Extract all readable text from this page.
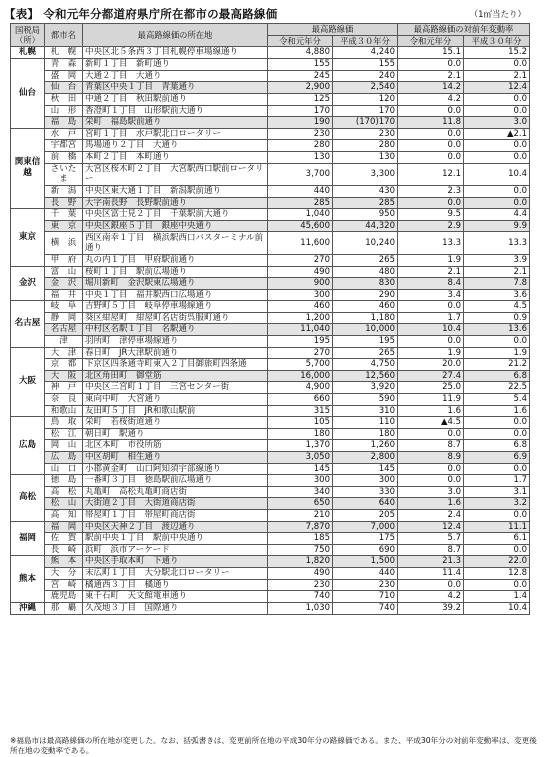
【表】 令和元年分都道府県庁所在都市の最高路線価	（1㎡当たり）
国税局（所）	都市名	最高路線価の所在地	最高路線価		最高路線価の対前年変動率	
			令和元年分	平成３０年分	令和元年分	平成３０年分
札幌	札　幌	中央区北５条西３丁目札幌停車場線通り	4,880	4,240	15.1	15.2
仙台	青　森	新町１丁目　新町通り	155	155	0.0	0.0
	盛　岡	大通２丁目　大通り	245	240	2.1	2.1
	仙　台	青葉区中央１丁目　青葉通り	2,900	2,540	14.2	12.4
	秋　田	中通２丁目　秋田駅前通り	125	120	4.2	0.0
	山　形	香澄町１丁目　山形駅前大通り	170	170	0.0	0.0
	福　島	栄町　福島駅前通り	190	(170)170	11.8	3.0
関東信越	水　戸	宮町１丁目　水戸駅北口ロータリー	230	230	0.0	▲2.1
	宇都宮	馬場通り２丁目　大通り	280	280	0.0	0.0
	前　橋	本町２丁目　本町通り	130	130	0.0	0.0
	さいたま	大宮区桜木町２丁目　大宮駅西口駅前ロータリー	3,700	3,300	12.1	10.4
	新　潟	中央区東大通１丁目　新潟駅前通り	440	430	2.3	0.0
	長　野	大字南長野　長野駅前通り	285	285	0.0	0.0
東京	千　葉	中央区富士見２丁目　千葉駅前大通り	1,040	950	9.5	4.4
	東　京	中央区銀座５丁目　銀座中央通り	45,600	44,320	2.9	9.9
	横　浜	西区南幸１丁目　横浜駅西口バスターミナル前通り	11,600	10,240	13.3	13.3
	甲　府	丸の内１丁目　甲府駅前通り	270	265	1.9	3.9
金沢	富　山	桜町１丁目　駅前広場通り	490	480	2.1	2.1
	金　沢	堀川新町　金沢駅東広場通り	900	830	8.4	7.8
	福　井	中央１丁目　福井駅西口広場通り	300	290	3.4	3.6
名古屋	岐　阜	吉野町５丁目　岐阜停車場線通り	460	460	0.0	4.5
	静　岡	葵区紺屋町　紺屋町名店街呉服町通り	1,200	1,180	1.7	0.9
	名古屋	中村区名駅１丁目　名駅通り	11,040	10,000	10.4	13.6
	津	羽所町　津停車場線通り	195	195	0.0	0.0
大阪	大　津	春日町　JR大津駅前通り	270	265	1.9	1.9
	京　都	下京区四条通寺町東入２丁目御旅町四条通	5,700	4,750	20.0	21.2
	大　阪	北区角田町　御堂筋	16,000	12,560	27.4	6.8
	神　戸	中央区三宮町１丁目　三宮センター街	4,900	3,920	25.0	22.5
	奈　良	東向中町　大宮通り	660	590	11.9	5.4
	和歌山	友田町５丁目　JR和歌山駅前	315	310	1.6	1.6
広島	鳥　取	栄町　若桜街道通り	105	110	▲4.5	0.0
	松　江	朝日町　駅通り	180	180	0.0	0.0
	岡　山	北区本町　市役所筋	1,370	1,260	8.7	6.8
	広　島	中区胡町　相生通り	3,050	2,800	8.9	6.9
	山　口	小郡黄金町　山口阿知須宇部線通り	145	145	0.0	0.0
高松	徳　島	一番町３丁目　徳島駅前広場通り	300	300	0.0	1.7
	高　松	丸亀町　高松丸亀町商店街	340	330	3.0	3.1
	松　山	大街道２丁目　大街道商店街	650	640	1.6	3.2
	高　知	帯屋町１丁目　帯屋町商店街	210	205	2.4	0.0
福岡	福　岡	中央区天神２丁目　渡辺通り	7,870	7,000	12.4	11.1
	佐　賀	駅前中央１丁目　駅前中央通り	185	175	5.7	6.1
	長　崎	浜町　浜市アーケード	750	690	8.7	0.0
熊本	熊　本	中央区手取本町　下通り	1,820	1,500	21.3	22.0
	大　分	末広町１丁目　大分駅北口ロータリー	490	440	11.4	12.8
	宮　崎	橘通西３丁目　橘通り	230	230	0.0	0.0
	鹿児島	東千石町　天文館電車通り	740	710	4.2	1.4
沖縄	那　覇	久茂地３丁目　国際通り	1,030	740	39.2	10.4
※福島市は最高路線価の所在地が変更した。なお、括弧書きは、変更前所在地の平成30年分の路線価である。また、平成30年分の対前年変動率は、変更後所在地の変動率である。
